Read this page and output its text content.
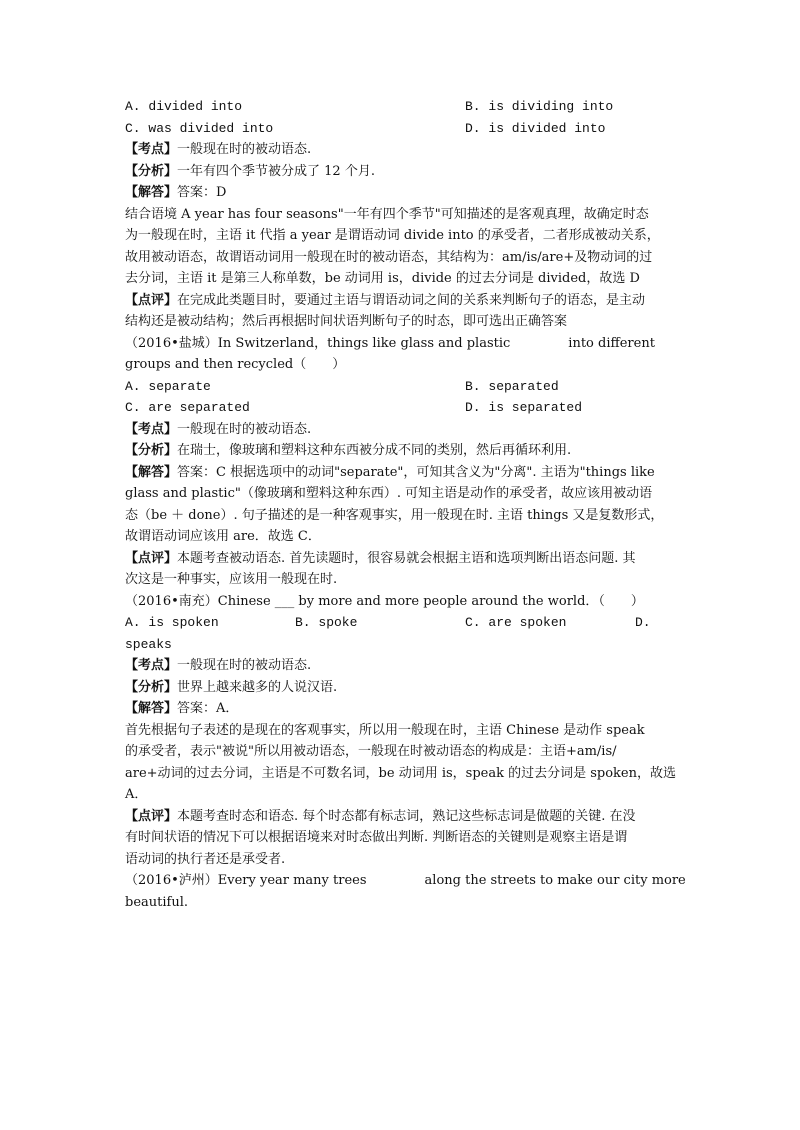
A. divided into	B. is dividing into
C. was divided into	D. is divided into
【考点】一般现在时的被动语态.
【分析】一年有四个季节被分成了 12 个月.
【解答】答案：D
结合语境 A year has four seasons"一年有四个季节"可知描述的是客观真理，故确定时态
为一般现在时，主语 it 代指 a year 是谓语动词 divide into 的承受者，二者形成被动关系，
故用被动语态，故谓语动词用一般现在时的被动语态，其结构为：am/is/are+及物动词的过
去分词，主语 it 是第三人称单数，be 动词用 is，divide 的过去分词是 divided，故选 D
【点评】在完成此类题目时，要通过主语与谓语动词之间的关系来判断句子的语态，是主动
结构还是被动结构；然后再根据时间状语判断句子的时态，即可选出正确答案
（2016•盐城）In Switzerland，things like glass and plastic	into different
groups and then recycled（　　）
A. separate	B. separated
C. are separated	D. is separated
【考点】一般现在时的被动语态.
【分析】在瑞士，像玻璃和塑料这种东西被分成不同的类别，然后再循环利用.
【解答】答案：C 根据选项中的动词"separate"，可知其含义为"分离". 主语为"things like
glass and plastic"（像玻璃和塑料这种东西）. 可知主语是动作的承受者，故应该用被动语
态（be ＋ done）. 句子描述的是一种客观事实，用一般现在时. 主语 things 又是复数形式，
故谓语动词应该用 are．故选 C．
【点评】本题考查被动语态. 首先读题时，很容易就会根据主语和选项判断出语态问题. 其
次这是一种事实，应该用一般现在时.
（2016•南充）Chinese ___ by more and more people around the world．（　　）
A. is spoken	B. spoke	C. are spoken	D.
speaks
【考点】一般现在时的被动语态.
【分析】世界上越来越多的人说汉语.
【解答】答案：A．
首先根据句子表述的是现在的客观事实，所以用一般现在时，主语 Chinese 是动作 speak
的承受者，表示"被说"所以用被动语态，一般现在时被动语态的构成是：主语+am/is/
are+动词的过去分词，主语是不可数名词，be 动词用 is，speak 的过去分词是 spoken，故选
A．
【点评】本题考查时态和语态. 每个时态都有标志词，熟记这些标志词是做题的关键. 在没
有时间状语的情况下可以根据语境来对时态做出判断. 判断语态的关键则是观察主语是谓
语动词的执行者还是承受者.
（2016•泸州）Every year many trees	along the streets to make our city more
beautiful.
